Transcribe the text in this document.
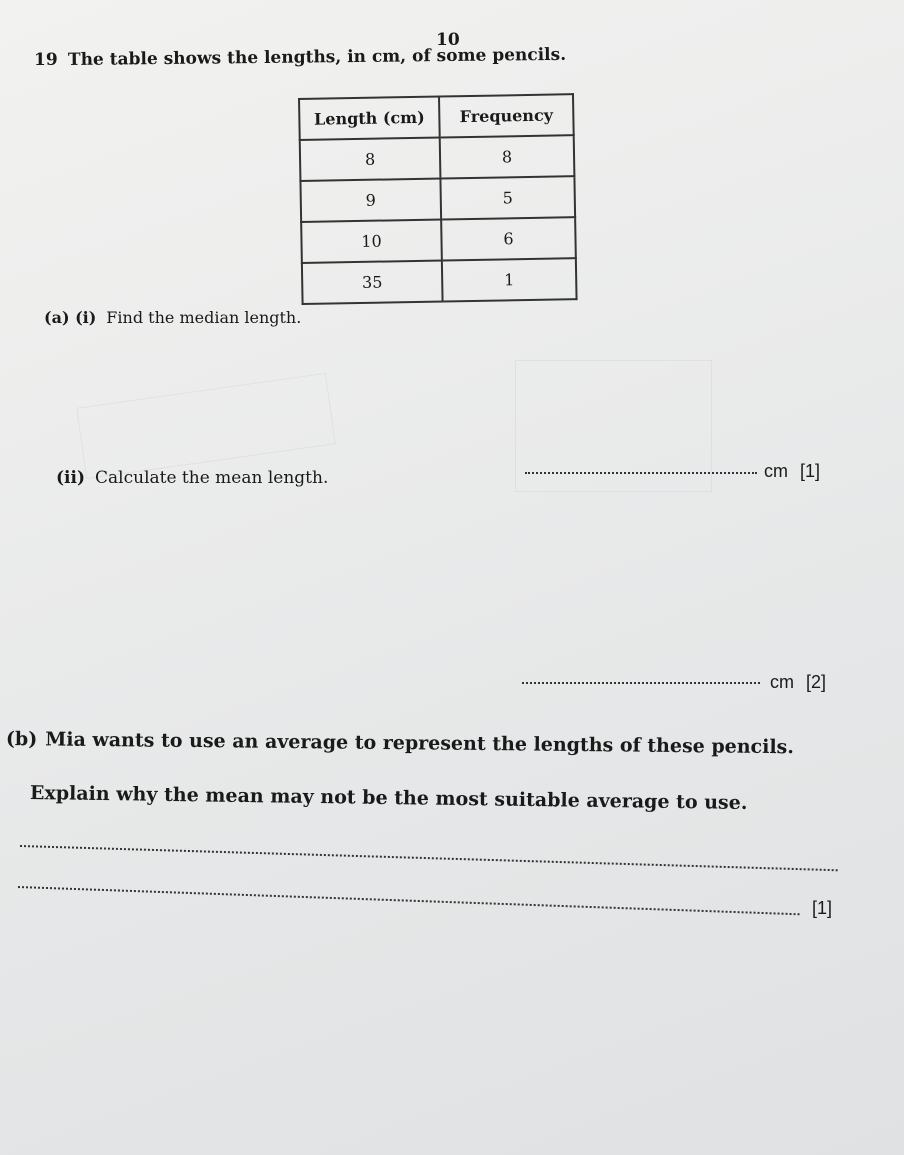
10
19 The table shows the lengths, in cm, of some pencils.
Length (cm)	Frequency
8	8
9	5
10	6
35	1
(a) (i) Find the median length.
cm [1]
(ii) Calculate the mean length.
cm [2]
(b) Mia wants to use an average to represent the lengths of these pencils.
Explain why the mean may not be the most suitable average to use.
[1]
